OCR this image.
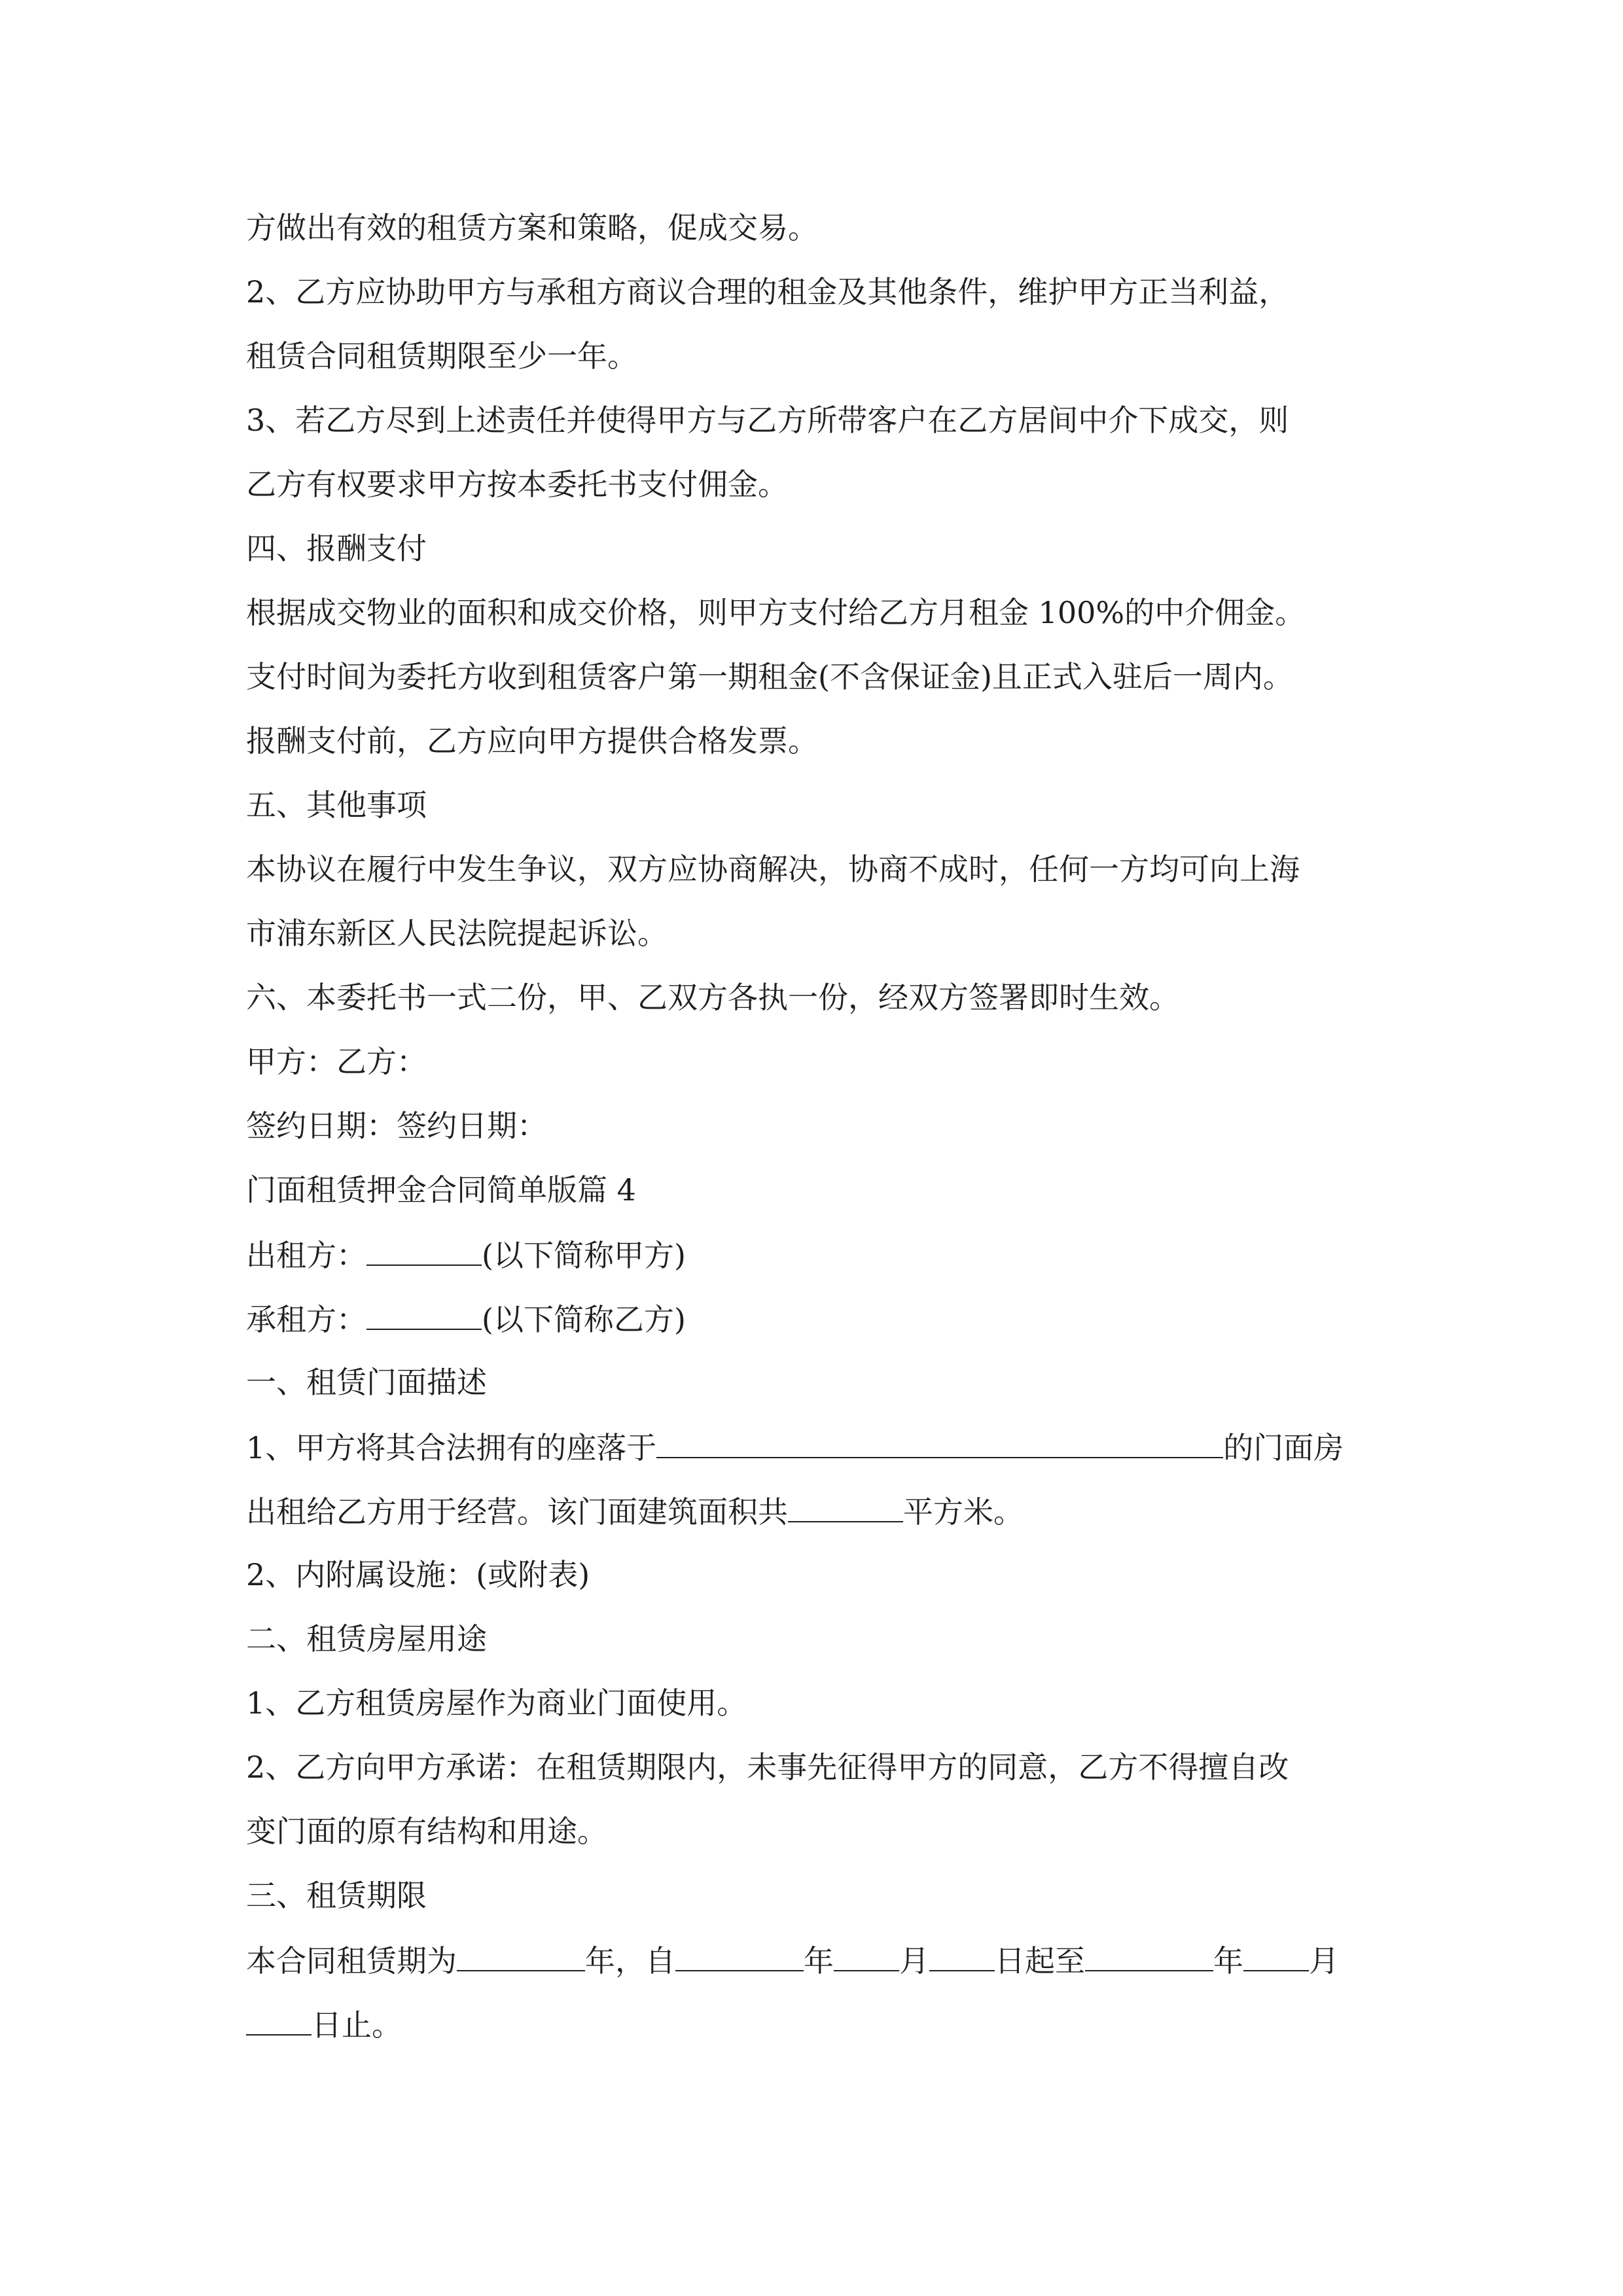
方做出有效的租赁方案和策略，促成交易。
2、乙方应协助甲方与承租方商议合理的租金及其他条件，维护甲方正当利益，
租赁合同租赁期限至少一年。
3、若乙方尽到上述责任并使得甲方与乙方所带客户在乙方居间中介下成交，则
乙方有权要求甲方按本委托书支付佣金。
四、报酬支付
根据成交物业的面积和成交价格，则甲方支付给乙方月租金 100%的中介佣金。
支付时间为委托方收到租赁客户第一期租金(不含保证金)且正式入驻后一周内。
报酬支付前，乙方应向甲方提供合格发票。
五、其他事项
本协议在履行中发生争议，双方应协商解决，协商不成时，任何一方均可向上海
市浦东新区人民法院提起诉讼。
六、本委托书一式二份，甲、乙双方各执一份，经双方签署即时生效。
甲方：乙方：
签约日期：签约日期：
门面租赁押金合同简单版篇 4
出租方：	(以下简称甲方)
承租方：	(以下简称乙方)
一、租赁门面描述
1、甲方将其合法拥有的座落于	的门面房
出租给乙方用于经营。该门面建筑面积共	平方米。
2、内附属设施：(或附表)
二、租赁房屋用途
1、乙方租赁房屋作为商业门面使用。
2、乙方向甲方承诺：在租赁期限内，未事先征得甲方的同意，乙方不得擅自改
变门面的原有结构和用途。
三、租赁期限
本合同租赁期为	年，自	年 月 日起至	年 月
日止。
